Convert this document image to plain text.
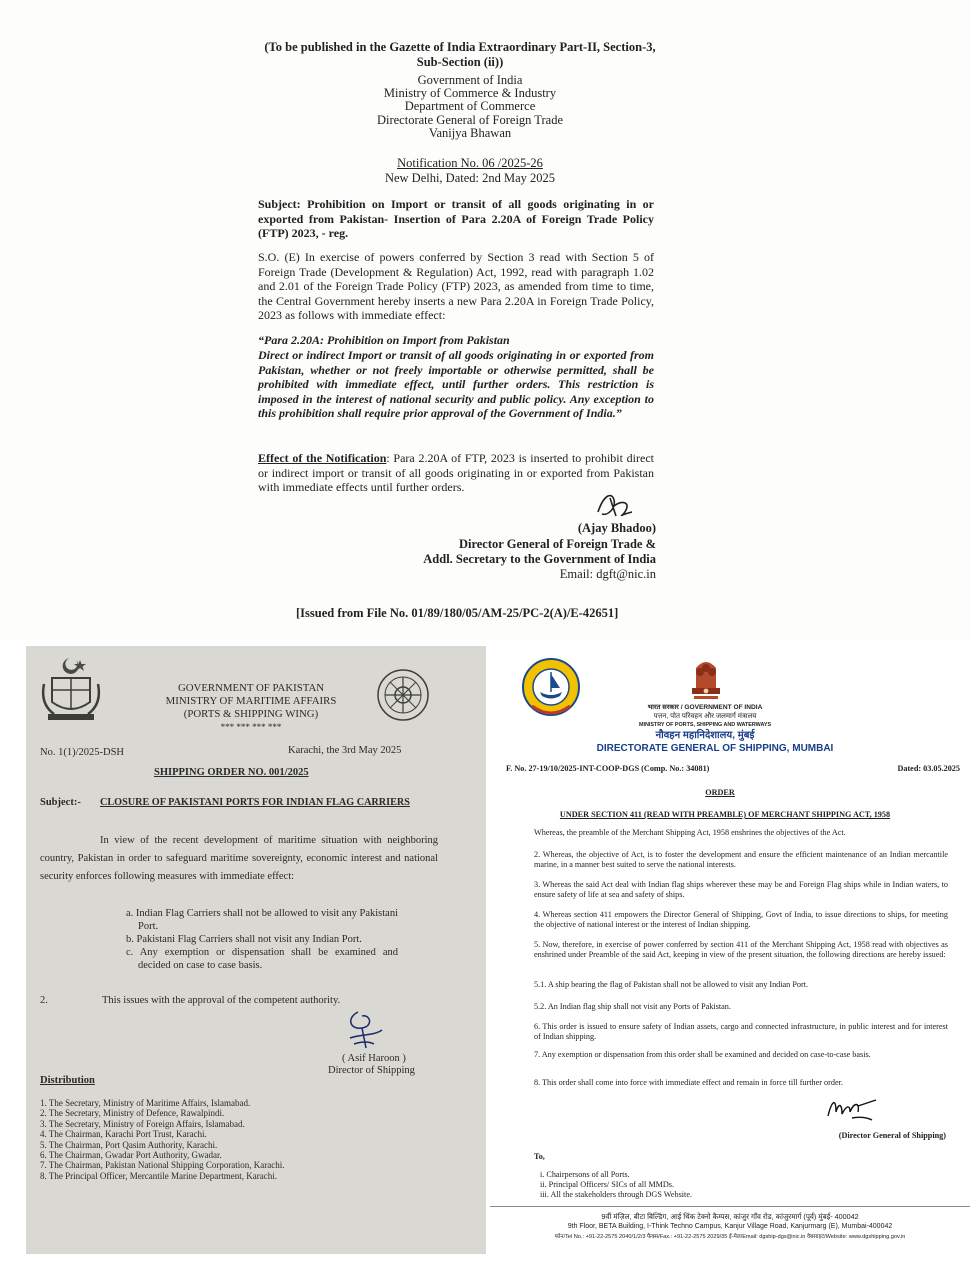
(To be published in the Gazette of India Extraordinary Part-II, Section-3, Sub-Section (ii))
Government of India
Ministry of Commerce & Industry
Department of Commerce
Directorate General of Foreign Trade
Vanijya Bhawan
Notification No. 06 /2025-26
New Delhi, Dated: 2nd May 2025
Subject: Prohibition on Import or transit of all goods originating in or exported from Pakistan- Insertion of Para 2.20A of Foreign Trade Policy (FTP) 2023, - reg.
S.O. (E) In exercise of powers conferred by Section 3 read with Section 5 of Foreign Trade (Development & Regulation) Act, 1992, read with paragraph 1.02 and 2.01 of the Foreign Trade Policy (FTP) 2023, as amended from time to time, the Central Government hereby inserts a new Para 2.20A in Foreign Trade Policy, 2023 as follows with immediate effect:
“Para 2.20A: Prohibition on Import from Pakistan
Direct or indirect Import or transit of all goods originating in or exported from Pakistan, whether or not freely importable or otherwise permitted, shall be prohibited with immediate effect, until further orders. This restriction is imposed in the interest of national security and public policy. Any exception to this prohibition shall require prior approval of the Government of India.”
Effect of the Notification: Para 2.20A of FTP, 2023 is inserted to prohibit direct or indirect import or transit of all goods originating in or exported from Pakistan with immediate effects until further orders.
(Ajay Bhadoo)
Director General of Foreign Trade &
Addl. Secretary to the Government of India
Email: dgft@nic.in
[Issued from File No. 01/89/180/05/AM-25/PC-2(A)/E-42651]
GOVERNMENT OF PAKISTAN
MINISTRY OF MARITIME AFFAIRS
(PORTS & SHIPPING WING)
*** *** *** ***
No. 1(1)/2025-DSH	Karachi, the 3rd May 2025
SHIPPING ORDER NO. 001/2025
Subject:- CLOSURE OF PAKISTANI PORTS FOR INDIAN FLAG CARRIERS
In view of the recent development of maritime situation with neighboring country, Pakistan in order to safeguard maritime sovereignty, economic interest and national security enforces following measures with immediate effect:
a. Indian Flag Carriers shall not be allowed to visit any Pakistani Port.
b. Pakistani Flag Carriers shall not visit any Indian Port.
c. Any exemption or dispensation shall be examined and decided on case to case basis.
2.	This issues with the approval of the competent authority.
( Asif Haroon )
Director of Shipping
Distribution
1. The Secretary, Ministry of Maritime Affairs, Islamabad.
2. The Secretary, Ministry of Defence, Rawalpindi.
3. The Secretary, Ministry of Foreign Affairs, Islamabad.
4. The Chairman, Karachi Port Trust, Karachi.
5. The Chairman, Port Qasim Authority, Karachi.
6. The Chairman, Gwadar Port Authority, Gwadar.
7. The Chairman, Pakistan National Shipping Corporation, Karachi.
8. The Principal Officer, Mercantile Marine Department, Karachi.
भारत सरकार / GOVERNMENT OF INDIA
पत्तन, पोत परिवहन और जलमार्ग मंत्रालय
MINISTRY OF PORTS, SHIPPING AND WATERWAYS
नौवहन महानिदेशालय, मुंबई
DIRECTORATE GENERAL OF SHIPPING, MUMBAI
F. No. 27-19/10/2025-INT-COOP-DGS (Comp. No.: 34081)	Dated: 03.05.2025
ORDER
UNDER SECTION 411 (READ WITH PREAMBLE) OF MERCHANT SHIPPING ACT, 1958
Whereas, the preamble of the Merchant Shipping Act, 1958 enshrines the objectives of the Act.
2. Whereas, the objective of Act, is to foster the development and ensure the efficient maintenance of an Indian mercantile marine, in a manner best suited to serve the national interests.
3. Whereas the said Act deal with Indian flag ships wherever these may be and Foreign Flag ships while in Indian waters, to ensure safety of life at sea and safety of ships.
4. Whereas section 411 empowers the Director General of Shipping, Govt of India, to issue directions to ships, for meeting the objective of national interest or the interest of Indian shipping.
5. Now, therefore, in exercise of power conferred by section 411 of the Merchant Shipping Act, 1958 read with objectives as enshrined under Preamble of the said Act, keeping in view of the present situation, the following directions are hereby issued:
5.1. A ship bearing the flag of Pakistan shall not be allowed to visit any Indian Port.
5.2. An Indian flag ship shall not visit any Ports of Pakistan.
6. This order is issued to ensure safety of Indian assets, cargo and connected infrastructure, in public interest and for interest of Indian shipping.
7. Any exemption or dispensation from this order shall be examined and decided on case-to-case basis.
8. This order shall come into force with immediate effect and remain in force till further order.
(Director General of Shipping)
To,
i. Chairpersons of all Ports.
ii. Principal Officers/ SICs of all MMDs.
iii. All the stakeholders through DGS Website.
9वीं मंज़िल, बीटा बिल्डिंग, आई थिंक टेक्नो कैम्पस, कांजुर गाँव रोड, कांजुरमार्ग (पूर्व) मुंबई- 400042
9th Floor, BETA Building, I-Think Techno Campus, Kanjur Village Road, Kanjurmarg (E), Mumbai-400042
फोन/Tel No.: +91-22-2575 2040/1/2/3 फैक्स/Fax.: +91-22-2575 2029/35 ई-मेल/Email: dgship-dgs@nic.in वेबसाइट/Website: www.dgshipping.gov.in
